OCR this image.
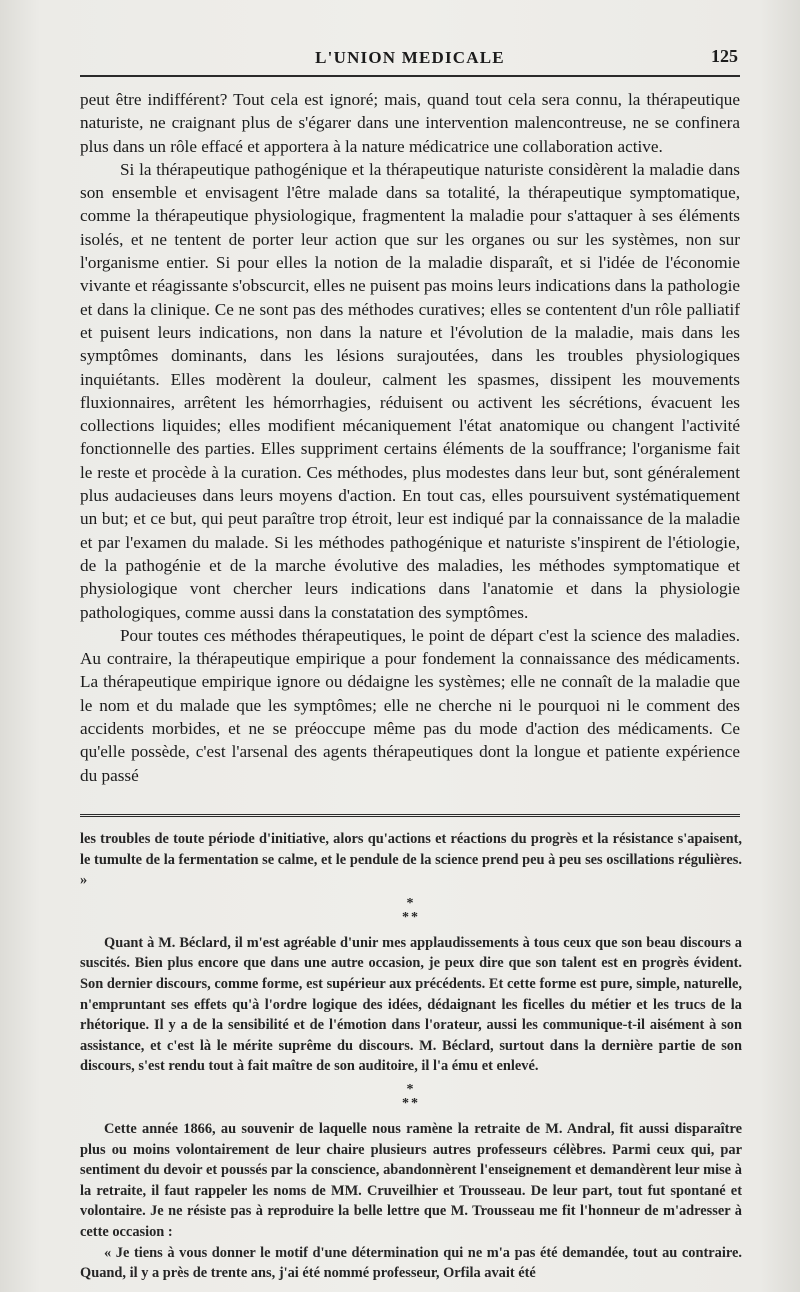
L'UNION MEDICALE	125

peut être indifférent? Tout cela est ignoré; mais, quand tout cela sera connu, la thérapeutique naturiste, ne craignant plus de s'égarer dans une intervention malencontreuse, ne se confinera plus dans un rôle effacé et apportera à la nature médicatrice une collaboration active.

Si la thérapeutique pathogénique et la thérapeutique naturiste considèrent la maladie dans son ensemble et envisagent l'être malade dans sa totalité, la thérapeutique symptomatique, comme la thérapeutique physiologique, fragmentent la maladie pour s'attaquer à ses éléments isolés, et ne tentent de porter leur action que sur les organes ou sur les systèmes, non sur l'organisme entier. Si pour elles la notion de la maladie disparaît, et si l'idée de l'économie vivante et réagissante s'obscurcit, elles ne puisent pas moins leurs indications dans la pathologie et dans la clinique. Ce ne sont pas des méthodes curatives; elles se contentent d'un rôle palliatif et puisent leurs indications, non dans la nature et l'évolution de la maladie, mais dans les symptômes dominants, dans les lésions surajoutées, dans les troubles physiologiques inquiétants. Elles modèrent la douleur, calment les spasmes, dissipent les mouvements fluxionnaires, arrêtent les hémorrhagies, réduisent ou activent les sécrétions, évacuent les collections liquides; elles modifient mécaniquement l'état anatomique ou changent l'activité fonctionnelle des parties. Elles suppriment certains éléments de la souffrance; l'organisme fait le reste et procède à la curation. Ces méthodes, plus modestes dans leur but, sont généralement plus audacieuses dans leurs moyens d'action. En tout cas, elles poursuivent systématiquement un but; et ce but, qui peut paraître trop étroit, leur est indiqué par la connaissance de la maladie et par l'examen du malade. Si les méthodes pathogénique et naturiste s'inspirent de l'étiologie, de la pathogénie et de la marche évolutive des maladies, les méthodes symptomatique et physiologique vont chercher leurs indications dans l'anatomie et dans la physiologie pathologiques, comme aussi dans la constatation des symptômes.

Pour toutes ces méthodes thérapeutiques, le point de départ c'est la science des maladies. Au contraire, la thérapeutique empirique a pour fondement la connaissance des médicaments. La thérapeutique empirique ignore ou dédaigne les systèmes; elle ne connaît de la maladie que le nom et du malade que les symptômes; elle ne cherche ni le pourquoi ni le comment des accidents morbides, et ne se préoccupe même pas du mode d'action des médicaments. Ce qu'elle possède, c'est l'arsenal des agents thérapeutiques dont la longue et patiente expérience du passé

les troubles de toute période d'initiative, alors qu'actions et réactions du progrès et la résistance s'apaisent, le tumulte de la fermentation se calme, et le pendule de la science prend peu à peu ses oscillations régulières. »

*
**

Quant à M. Béclard, il m'est agréable d'unir mes applaudissements à tous ceux que son beau discours a suscités. Bien plus encore que dans une autre occasion, je peux dire que son talent est en progrès évident. Son dernier discours, comme forme, est supérieur aux précédents. Et cette forme est pure, simple, naturelle, n'empruntant ses effets qu'à l'ordre logique des idées, dédaignant les ficelles du métier et les trucs de la rhétorique. Il y a de la sensibilité et de l'émotion dans l'orateur, aussi les communique-t-il aisément à son assistance, et c'est là le mérite suprême du discours. M. Béclard, surtout dans la dernière partie de son discours, s'est rendu tout à fait maître de son auditoire, il l'a ému et enlevé.

*
**

Cette année 1866, au souvenir de laquelle nous ramène la retraite de M. Andral, fit aussi disparaître plus ou moins volontairement de leur chaire plusieurs autres professeurs célèbres. Parmi ceux qui, par sentiment du devoir et poussés par la conscience, abandonnèrent l'enseignement et demandèrent leur mise à la retraite, il faut rappeler les noms de MM. Cruveilhier et Trousseau. De leur part, tout fut spontané et volontaire. Je ne résiste pas à reproduire la belle lettre que M. Trousseau me fit l'honneur de m'adresser à cette occasion :

« Je tiens à vous donner le motif d'une détermination qui ne m'a pas été demandée, tout au contraire. Quand, il y a près de trente ans, j'ai été nommé professeur, Orfila avait été
